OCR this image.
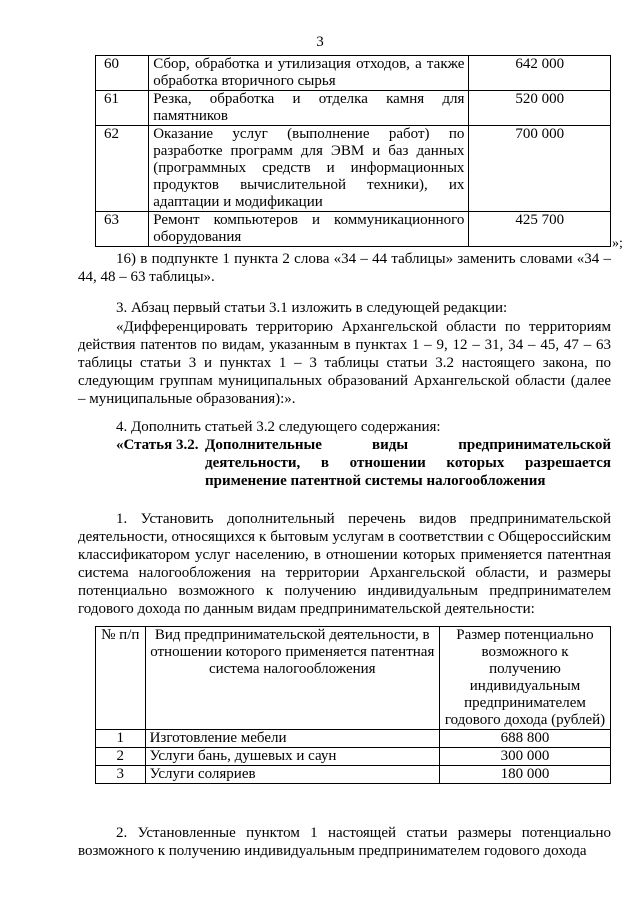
3
60	Сбор, обработка и утилизация отходов, а также обработка вторичного сырья	642 000
61	Резка, обработка и отделка камня для памятников	520 000
62	Оказание услуг (выполнение работ) по разработке программ для ЭВМ и баз данных (программных средств и информационных продуктов вычислительной техники), их адаптации и модификации	700 000
63	Ремонт компьютеров и коммуникационного оборудования	425 700
»;
16) в подпункте 1 пункта 2 слова «34 – 44 таблицы» заменить словами «34 – 44, 48 – 63 таблицы».
3. Абзац первый статьи 3.1 изложить в следующей редакции:
«Дифференцировать территорию Архангельской области по территориям действия патентов по видам, указанным в пунктах 1 – 9, 12 – 31, 34 – 45, 47 – 63 таблицы статьи 3 и пунктах 1 – 3 таблицы статьи 3.2 настоящего закона, по следующим группам муниципальных образований Архангельской области (далее – муниципальные образования):».
4. Дополнить статьей 3.2 следующего содержания:
«Статья 3.2. Дополнительные виды предпринимательской деятельности, в отношении которых разрешается
применение патентной системы налогообложения
1. Установить дополнительный перечень видов предпринимательской деятельности, относящихся к бытовым услугам в соответствии с Общероссийским классификатором услуг населению, в отношении которых применяется патентная система налогообложения на территории Архангельской области, и размеры потенциально возможного к получению индивидуальным предпринимателем годового дохода по данным видам предпринимательской деятельности:
№ п/п	Вид предпринимательской деятельности, в отношении которого применяется патентная система налогообложения	Размер потенциально возможного к получению индивидуальным предпринимателем годового дохода (рублей)
1	Изготовление мебели	688 800
2	Услуги бань, душевых и саун	300 000
3	Услуги соляриев	180 000
2. Установленные пунктом 1 настоящей статьи размеры потенциально возможного к получению индивидуальным предпринимателем годового дохода
